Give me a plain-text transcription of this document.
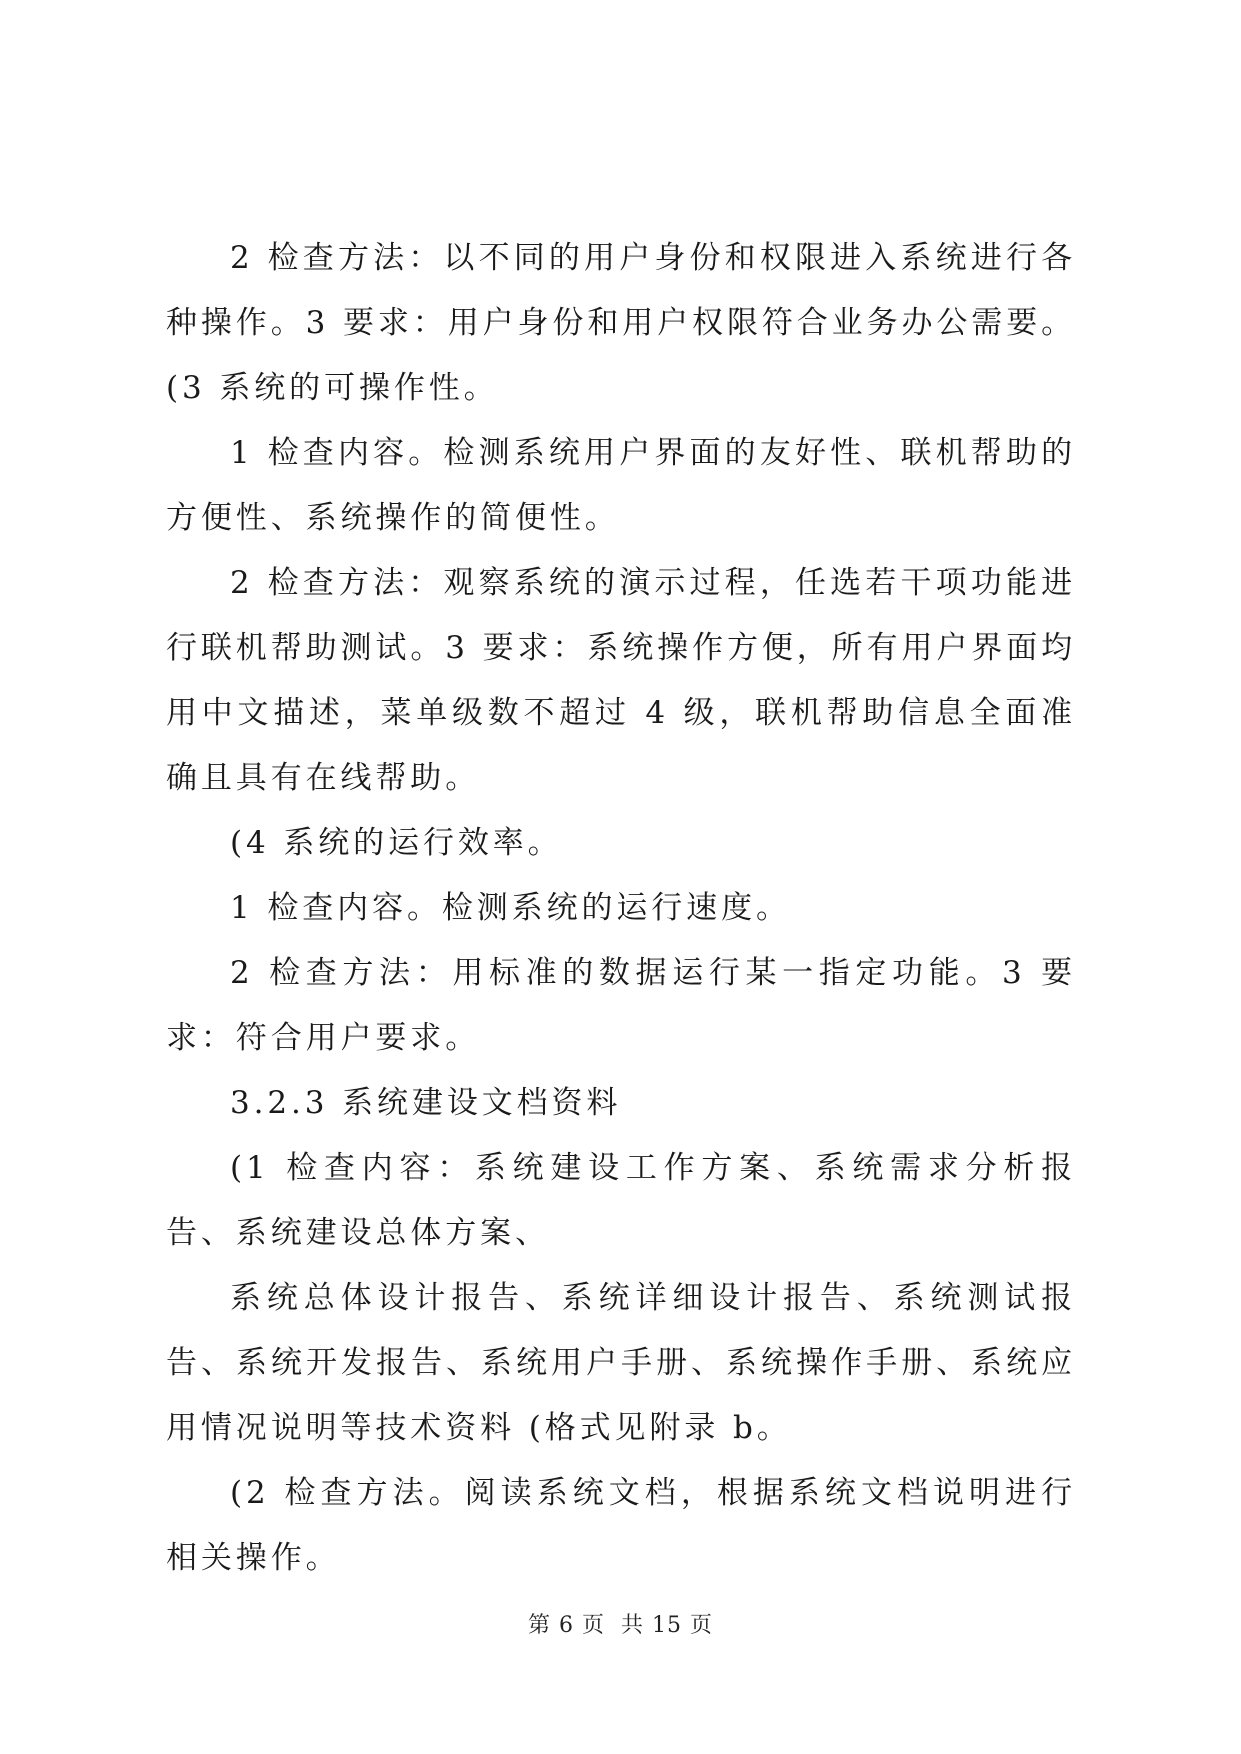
2 检查方法：以不同的用户身份和权限进入系统进行各种操作。3 要求：用户身份和用户权限符合业务办公需要。(3 系统的可操作性。

1 检查内容。检测系统用户界面的友好性、联机帮助的方便性、系统操作的简便性。

2 检查方法：观察系统的演示过程，任选若干项功能进行联机帮助测试。3 要求：系统操作方便，所有用户界面均用中文描述，菜单级数不超过 4 级，联机帮助信息全面准确且具有在线帮助。

(4 系统的运行效率。

1 检查内容。检测系统的运行速度。

2 检查方法：用标准的数据运行某一指定功能。3 要求：符合用户要求。

3.2.3 系统建设文档资料

(1 检查内容：系统建设工作方案、系统需求分析报告、系统建设总体方案、

系统总体设计报告、系统详细设计报告、系统测试报告、系统开发报告、系统用户手册、系统操作手册、系统应用情况说明等技术资料 (格式见附录 b。

(2 检查方法。阅读系统文档，根据系统文档说明进行相关操作。

第 6 页 共 15 页
